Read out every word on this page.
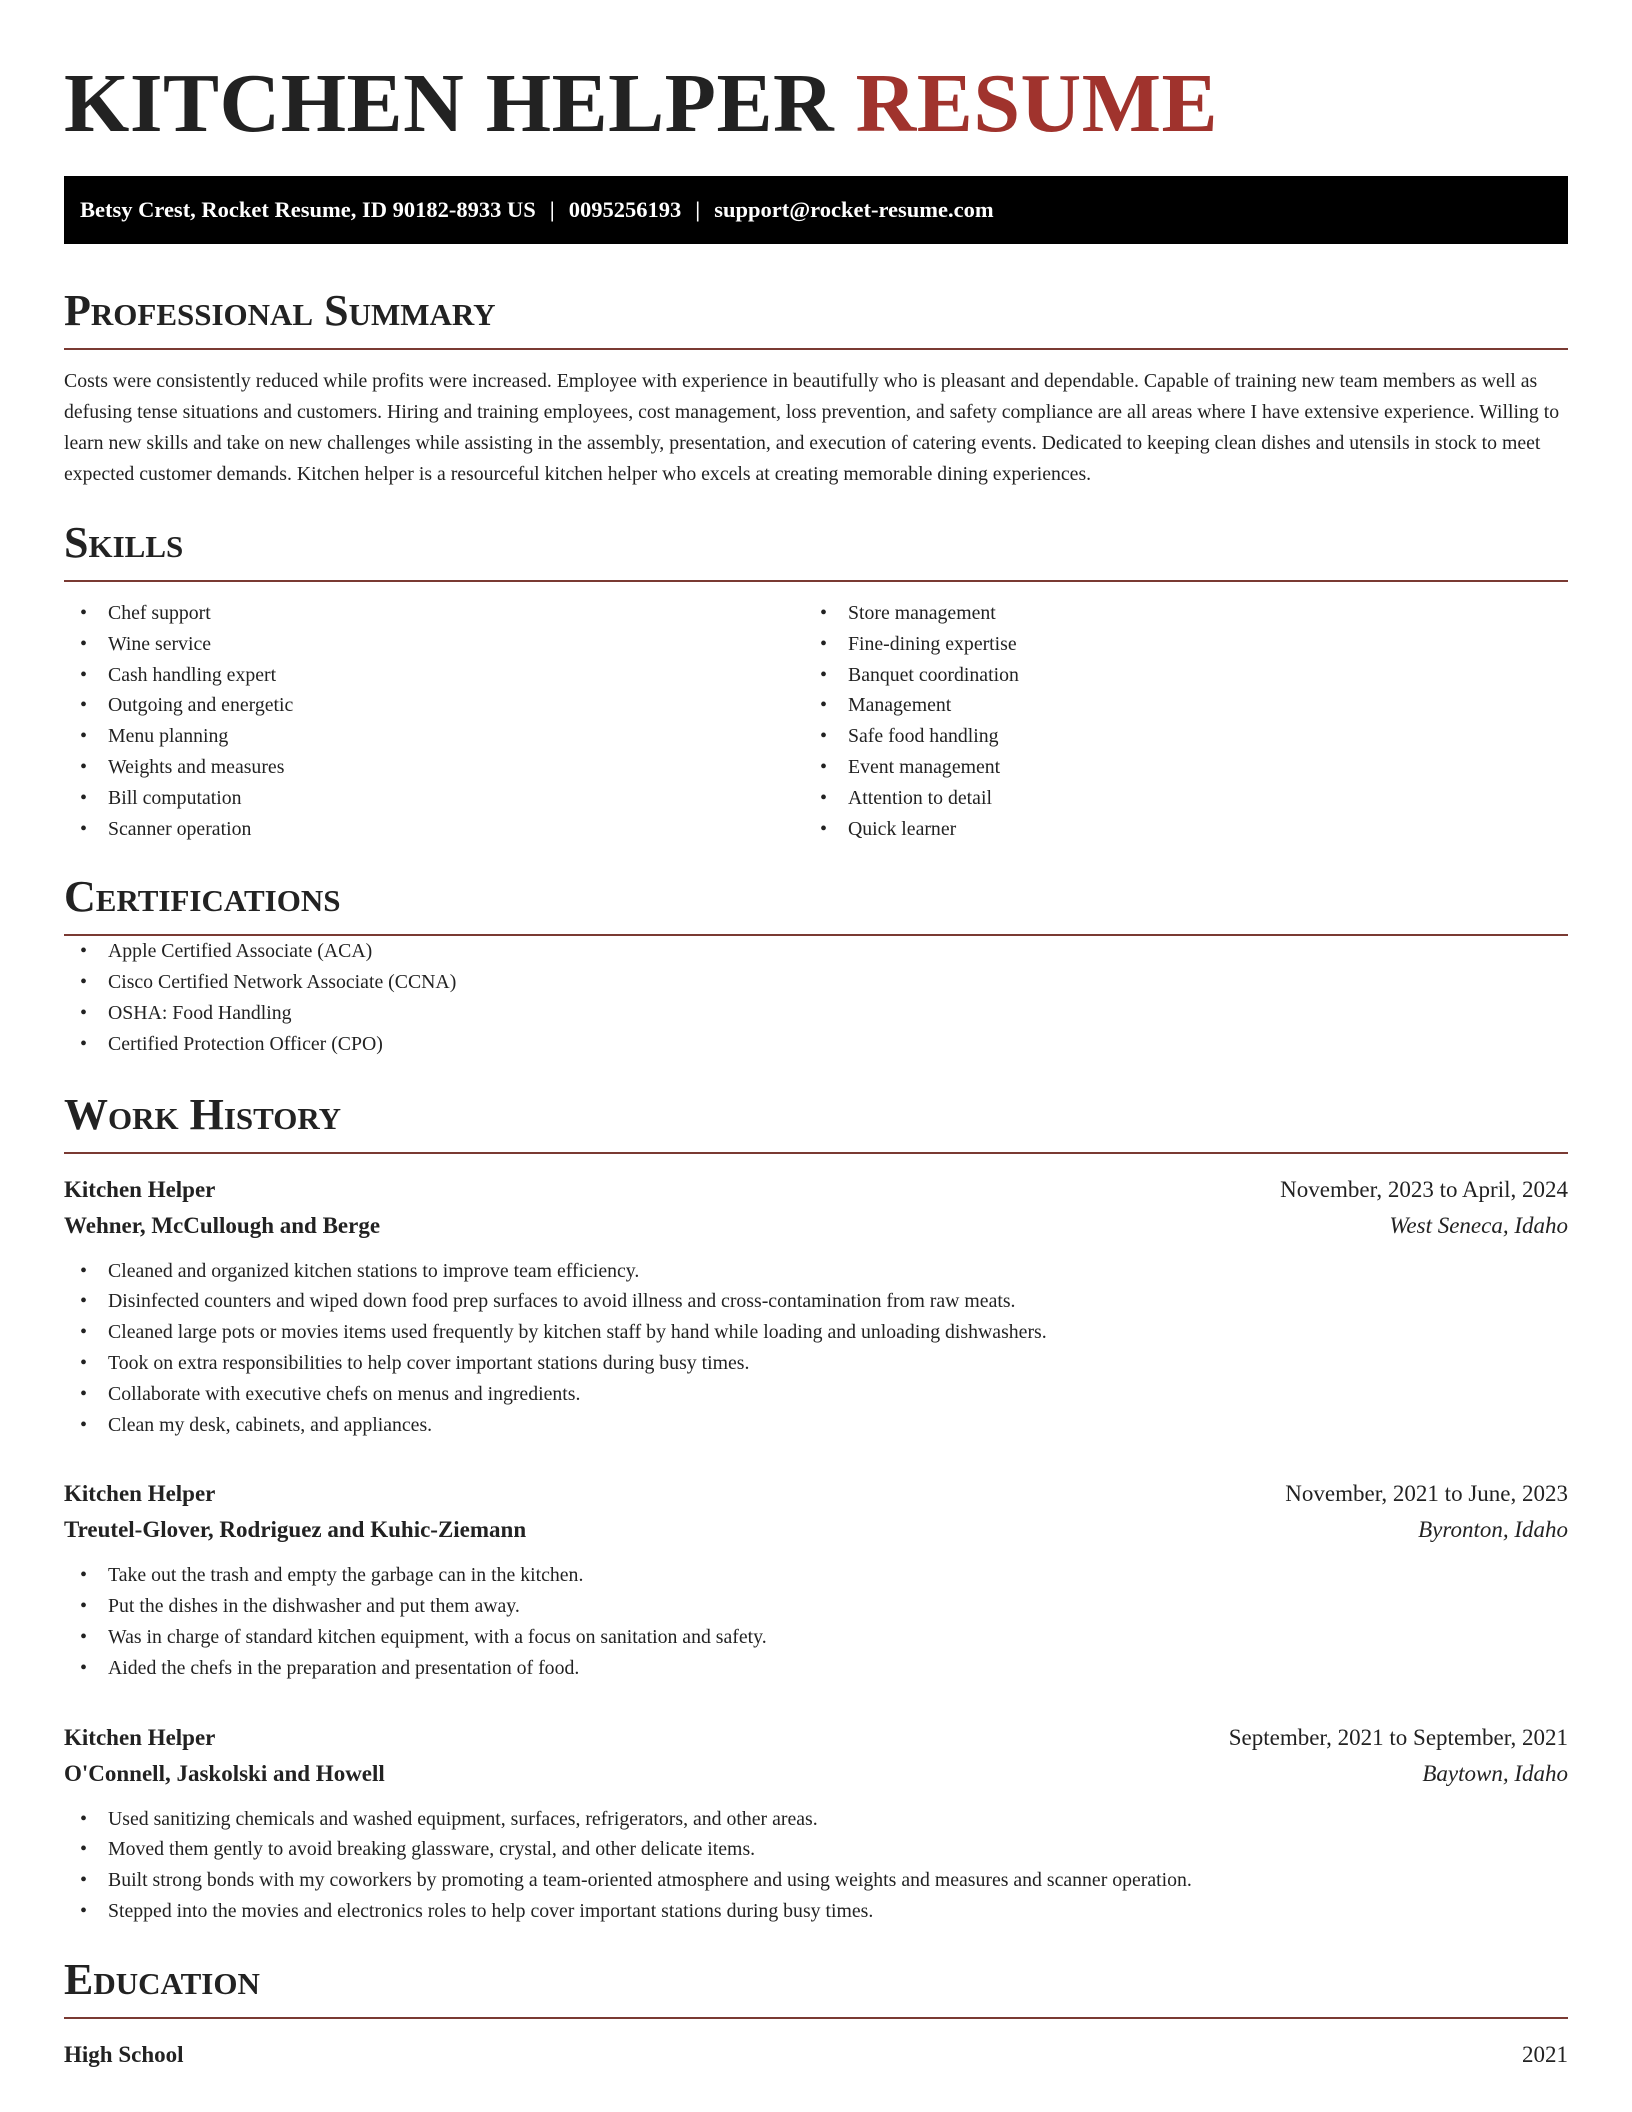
KITCHEN HELPER RESUME
Betsy Crest, Rocket Resume, ID 90182-8933 US | 0095256193 | support@rocket-resume.com
Professional Summary

Costs were consistently reduced while profits were increased. Employee with experience in beautifully who is pleasant and dependable. Capable of training new team members as well as defusing tense situations and customers. Hiring and training employees, cost management, loss prevention, and safety compliance are all areas where I have extensive experience. Willing to learn new skills and take on new challenges while assisting in the assembly, presentation, and execution of catering events. Dedicated to keeping clean dishes and utensils in stock to meet expected customer demands. Kitchen helper is a resourceful kitchen helper who excels at creating memorable dining experiences.

Skills
• Chef support
• Wine service
• Cash handling expert
• Outgoing and energetic
• Menu planning
• Weights and measures
• Bill computation
• Scanner operation
• Store management
• Fine-dining expertise
• Banquet coordination
• Management
• Safe food handling
• Event management
• Attention to detail
• Quick learner
Certifications
• Apple Certified Associate (ACA)
• Cisco Certified Network Associate (CCNA)
• OSHA: Food Handling
• Certified Protection Officer (CPO)
Work History
Kitchen Helper	November, 2023 to April, 2024
Wehner, McCullough and Berge	West Seneca, Idaho
• Cleaned and organized kitchen stations to improve team efficiency.
• Disinfected counters and wiped down food prep surfaces to avoid illness and cross-contamination from raw meats.
• Cleaned large pots or movies items used frequently by kitchen staff by hand while loading and unloading dishwashers.
• Took on extra responsibilities to help cover important stations during busy times.
• Collaborate with executive chefs on menus and ingredients.
• Clean my desk, cabinets, and appliances.
Kitchen Helper	November, 2021 to June, 2023
Treutel-Glover, Rodriguez and Kuhic-Ziemann	Byronton, Idaho
• Take out the trash and empty the garbage can in the kitchen.
• Put the dishes in the dishwasher and put them away.
• Was in charge of standard kitchen equipment, with a focus on sanitation and safety.
• Aided the chefs in the preparation and presentation of food.
Kitchen Helper	September, 2021 to September, 2021
O'Connell, Jaskolski and Howell	Baytown, Idaho
• Used sanitizing chemicals and washed equipment, surfaces, refrigerators, and other areas.
• Moved them gently to avoid breaking glassware, crystal, and other delicate items.
• Built strong bonds with my coworkers by promoting a team-oriented atmosphere and using weights and measures and scanner operation.
• Stepped into the movies and electronics roles to help cover important stations during busy times.
Education
High School	2021
